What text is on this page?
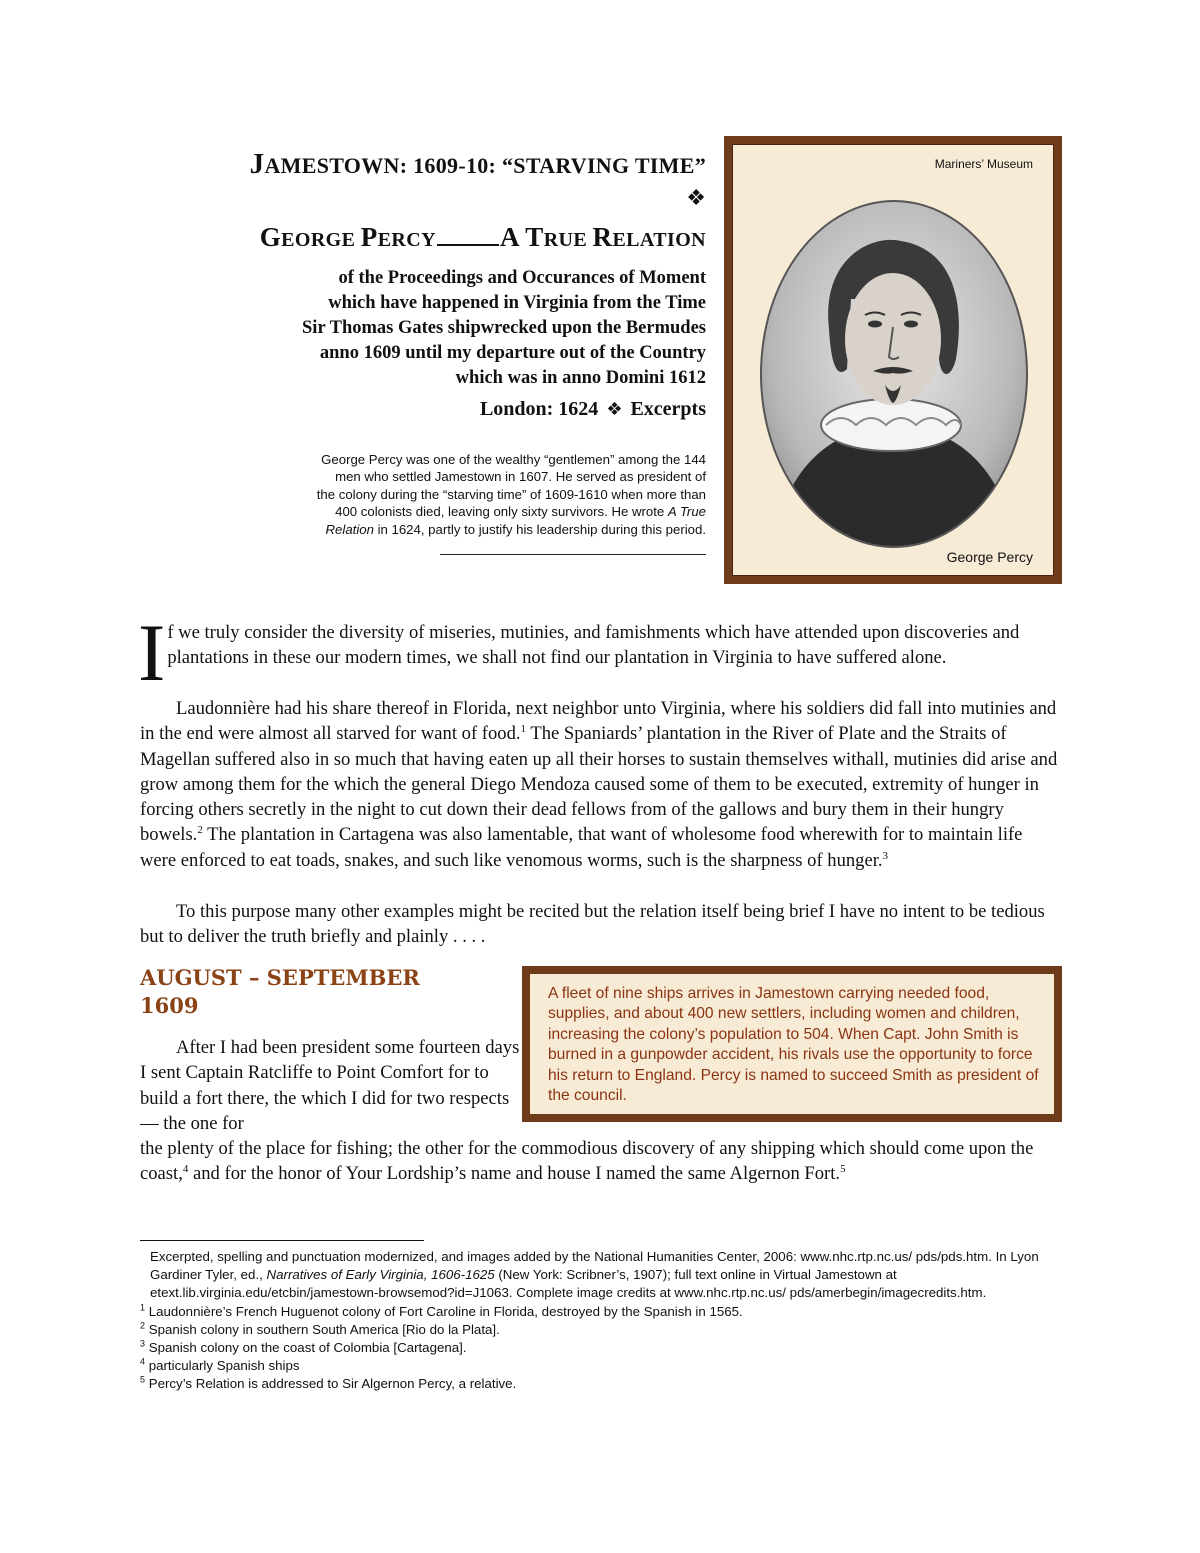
JAMESTOWN: 1609-10: “STARVING TIME”
❖
GEORGE PERCY A TRUE RELATION
of the Proceedings and Occurances of Moment
which have happened in Virginia from the Time
Sir Thomas Gates shipwrecked upon the Bermudes
anno 1609 until my departure out of the Country
which was in anno Domini 1612
London: 1624 ❖ Excerpts
George Percy was one of the wealthy “gentlemen” among the 144
men who settled Jamestown in 1607. He served as president of
the colony during the “starving time” of 1609-1610 when more than
400 colonists died, leaving only sixty survivors. He wrote A True
Relation in 1624, partly to justify his leadership during this period.
Mariners’ Museum
George Percy
If we truly consider the diversity of miseries, mutinies, and famishments which have attended upon discoveries and plantations in these our modern times, we shall not find our plantation in Virginia to have suffered alone.
Laudonnière had his share thereof in Florida, next neighbor unto Virginia, where his soldiers did fall into mutinies and in the end were almost all starved for want of food.$^1$ The Spaniards’ plantation in the River of Plate and the Straits of Magellan suffered also in so much that having eaten up all their horses to sustain themselves withall, mutinies did arise and grow among them for the which the general Diego Mendoza caused some of them to be executed, extremity of hunger in forcing others secretly in the night to cut down their dead fellows from of the gallows and bury them in their hungry bowels.$^2$ The plantation in Cartagena was also lamentable, that want of wholesome food wherewith for to maintain life were enforced to eat toads, snakes, and such like venomous worms, such is the sharpness of hunger.$^3$
To this purpose many other examples might be recited but the relation itself being brief I have no intent to be tedious but to deliver the truth briefly and plainly . . . .
AUGUST – SEPTEMBER
1609
After I had been president some fourteen days I sent Captain Ratcliffe to Point Comfort for to build a fort there, the which I did for two respects — the one for
the plenty of the place for fishing; the other for the commodious discovery of any shipping which should come upon the coast,$^4$ and for the honor of Your Lordship’s name and house I named the same Algernon Fort.$^5$
A fleet of nine ships arrives in Jamestown carrying needed food, supplies, and about 400 new settlers, including women and children, increasing the colony’s population to 504. When Capt. John Smith is burned in a gunpowder accident, his rivals use the opportunity to force his return to England. Percy is named to succeed Smith as president of the council.
Excerpted, spelling and punctuation modernized, and images added by the National Humanities Center, 2006: www.nhc.rtp.nc.us/ pds/pds.htm. In Lyon Gardiner Tyler, ed., Narratives of Early Virginia, 1606-1625 (New York: Scribner’s, 1907); full text online in Virtual Jamestown at etext.lib.virginia.edu/etcbin/jamestown-browsemod?id=J1063. Complete image credits at www.nhc.rtp.nc.us/ pds/amerbegin/imagecredits.htm.
$^1$ Laudonnière’s French Huguenot colony of Fort Caroline in Florida, destroyed by the Spanish in 1565.
$^2$ Spanish colony in southern South America [Rio do la Plata].
$^3$ Spanish colony on the coast of Colombia [Cartagena].
$^4$ particularly Spanish ships
$^5$ Percy’s Relation is addressed to Sir Algernon Percy, a relative.
